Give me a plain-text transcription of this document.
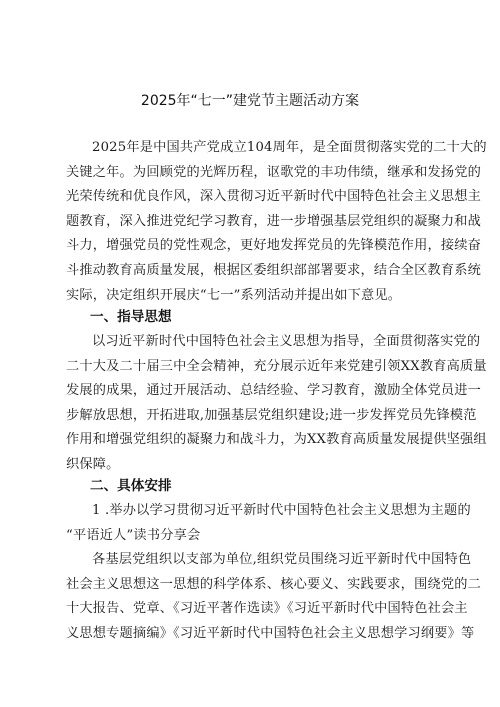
2025年“七一”建党节主题活动方案

2025年是中国共产党成立104周年，是全面贯彻落实党的二十大的

关键之年。为回顾党的光辉历程，讴歌党的丰功伟绩，继承和发扬党的

光荣传统和优良作风，深入贯彻习近平新时代中国特色社会主义思想主

题教育，深入推进党纪学习教育，进一步增强基层党组织的凝聚力和战

斗力，增强党员的党性观念，更好地发挥党员的先锋模范作用，接续奋

斗推动教育高质量发展，根据区委组织部部署要求，结合全区教育系统

实际，决定组织开展庆“七一”系列活动并提出如下意见。

一、指导思想

以习近平新时代中国特色社会主义思想为指导，全面贯彻落实党的

二十大及二十届三中全会精神，充分展示近年来党建引领XX教育高质量

发展的成果，通过开展活动、总结经验、学习教育，激励全体党员进一

步解放思想，开拓进取,加强基层党组织建设;进一步发挥党员先锋模范

作用和增强党组织的凝聚力和战斗力，为XX教育高质量发展提供坚强组

织保障。

二、具体安排

1 .举办以学习贯彻习近平新时代中国特色社会主义思想为主题的

“平语近人”读书分享会

各基层党组织以支部为单位,组织党员围绕习近平新时代中国特色

社会主义思想这一思想的科学体系、核心要义、实践要求，围绕党的二

十大报告、党章、《习近平著作选读》《习近平新时代中国特色社会主

义思想专题摘编》《习近平新时代中国特色社会主义思想学习纲要》等
